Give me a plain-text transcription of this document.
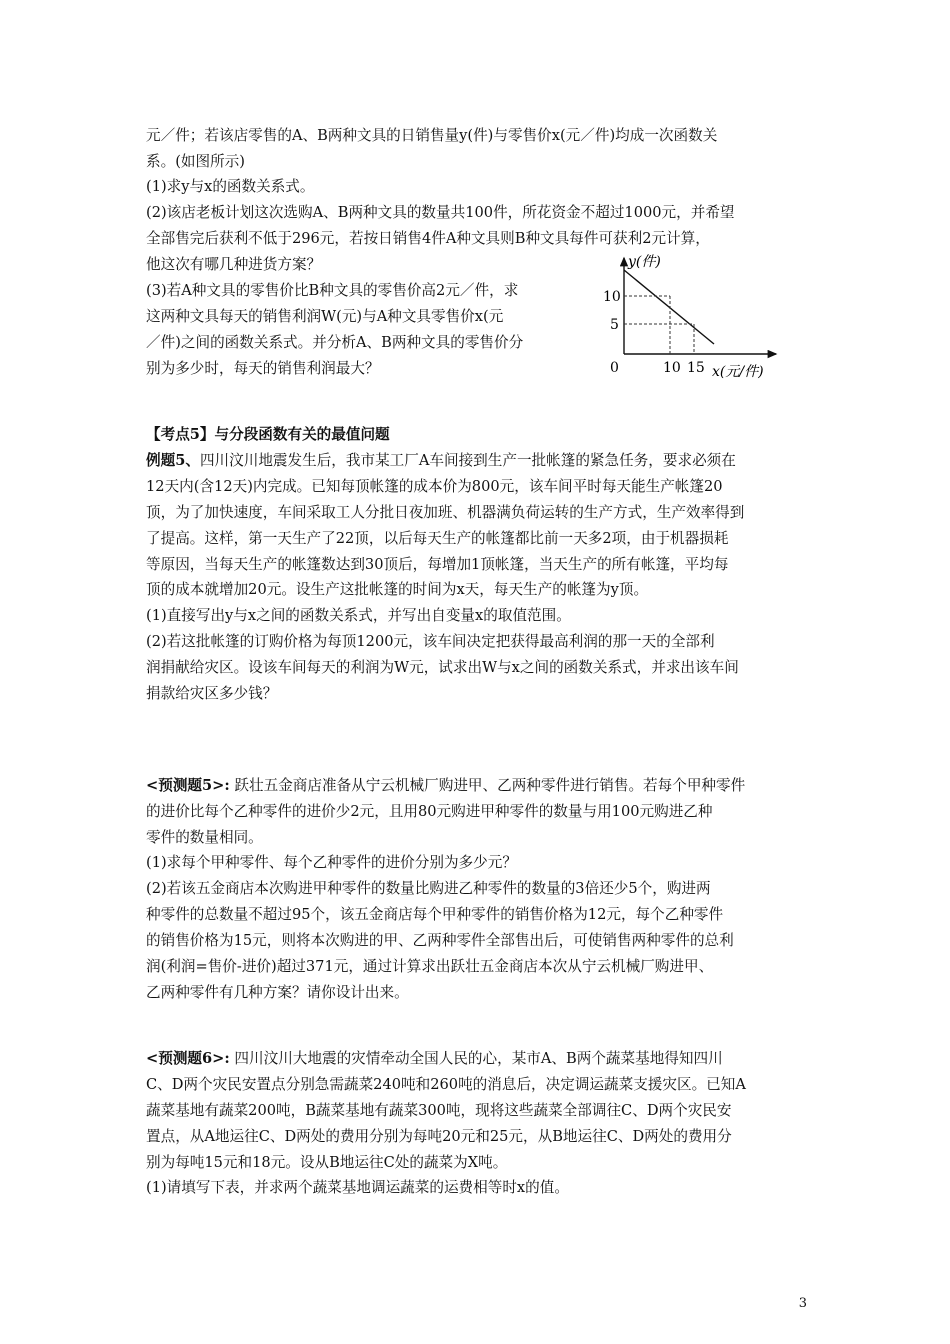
元／件；若该店零售的A、B两种文具的日销售量y(件)与零售价x(元／件)均成一次函数关
系。(如图所示)
(1)求y与x的函数关系式。
(2)该店老板计划这次选购A、B两种文具的数量共100件，所花资金不超过1000元，并希望
全部售完后获利不低于296元，若按日销售4件A种文具则B种文具每件可获利2元计算，
他这次有哪几种进货方案？
(3)若A种文具的零售价比B种文具的零售价高2元／件，求
这两种文具每天的销售利润W(元)与A种文具零售价x(元
／件)之间的函数关系式。并分析A、B两种文具的零售价分
别为多少时，每天的销售利润最大？
y(件)
10
5
0	10 15 x(元/件)
【考点5】与分段函数有关的最值问题
例题5、四川汶川地震发生后，我市某工厂A车间接到生产一批帐篷的紧急任务，要求必须在
12天内(含12天)内完成。已知每顶帐篷的成本价为800元，该车间平时每天能生产帐篷20
顶，为了加快速度，车间采取工人分批日夜加班、机器满负荷运转的生产方式，生产效率得到
了提高。这样，第一天生产了22顶，以后每天生产的帐篷都比前一天多2项，由于机器损耗
等原因，当每天生产的帐篷数达到30顶后，每增加1顶帐篷，当天生产的所有帐篷，平均每
顶的成本就增加20元。设生产这批帐篷的时间为x天，每天生产的帐篷为y顶。
(1)直接写出y与x之间的函数关系式，并写出自变量x的取值范围。
(2)若这批帐篷的订购价格为每顶1200元，该车间决定把获得最高利润的那一天的全部利
润捐献给灾区。设该车间每天的利润为W元，试求出W与x之间的函数关系式，并求出该车间
捐款给灾区多少钱？
<预测题5>: 跃壮五金商店准备从宁云机械厂购进甲、乙两种零件进行销售。若每个甲种零件
的进价比每个乙种零件的进价少2元，且用80元购进甲种零件的数量与用100元购进乙种
零件的数量相同。
(1)求每个甲种零件、每个乙种零件的进价分别为多少元？
(2)若该五金商店本次购进甲种零件的数量比购进乙种零件的数量的3倍还少5个，购进两
种零件的总数量不超过95个，该五金商店每个甲种零件的销售价格为12元，每个乙种零件
的销售价格为15元，则将本次购进的甲、乙两种零件全部售出后，可使销售两种零件的总利
润(利润=售价-进价)超过371元，通过计算求出跃壮五金商店本次从宁云机械厂购进甲、
乙两种零件有几种方案？请你设计出来。
<预测题6>: 四川汶川大地震的灾情牵动全国人民的心，某市A、B两个蔬菜基地得知四川
C、D两个灾民安置点分别急需蔬菜240吨和260吨的消息后，决定调运蔬菜支援灾区。已知A
蔬菜基地有蔬菜200吨，B蔬菜基地有蔬菜300吨，现将这些蔬菜全部调往C、D两个灾民安
置点，从A地运往C、D两处的费用分别为每吨20元和25元，从B地运往C、D两处的费用分
别为每吨15元和18元。设从B地运往C处的蔬菜为X吨。
(1)请填写下表，并求两个蔬菜基地调运蔬菜的运费相等时x的值。
3
